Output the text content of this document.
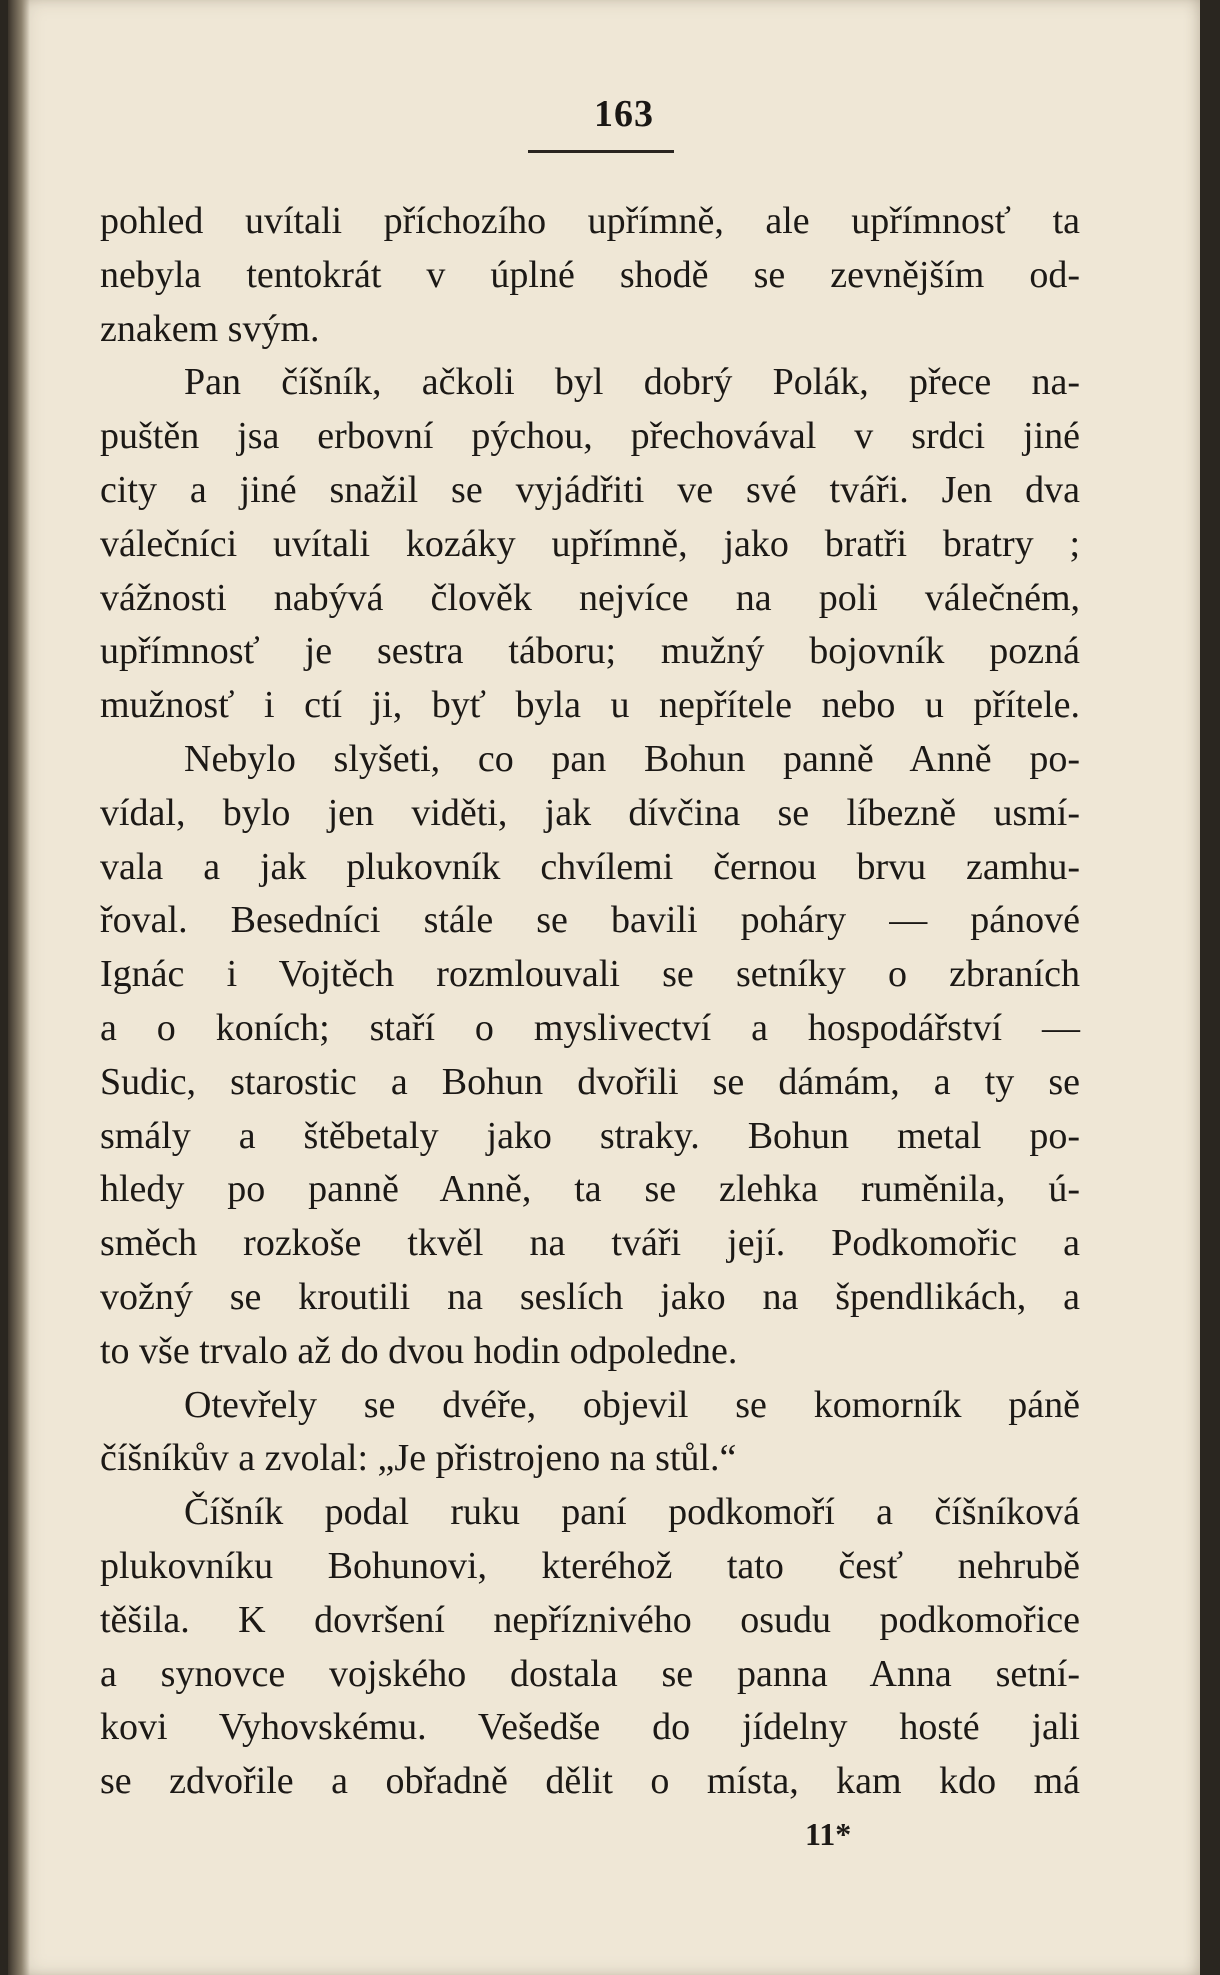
163
pohled uvítali příchozího upřímně, ale upřímnosť ta
nebyla tentokrát v úplné shodě se zevnějším od-
znakem svým.
Pan číšník, ačkoli byl dobrý Polák, přece na-
puštěn jsa erbovní pýchou, přechovával v srdci jiné
city a jiné snažil se vyjádřiti ve své tváři. Jen dva
válečníci uvítali kozáky upřímně, jako bratři bratry ;
vážnosti nabývá člověk nejvíce na poli válečném,
upřímnosť je sestra táboru; mužný bojovník pozná
mužnosť i ctí ji, byť byla u nepřítele nebo u přítele.
Nebylo slyšeti, co pan Bohun panně Anně po-
vídal, bylo jen viděti, jak dívčina se líbezně usmí-
vala a jak plukovník chvílemi černou brvu zamhu-
řoval. Besedníci stále se bavili poháry — pánové
Ignác i Vojtěch rozmlouvali se setníky o zbraních
a o koních; staří o myslivectví a hospodářství —
Sudic, starostic a Bohun dvořili se dámám, a ty se
smály a štěbetaly jako straky. Bohun metal po-
hledy po panně Anně, ta se zlehka ruměnila, ú-
směch rozkoše tkvěl na tváři její. Podkomořic a
vožný se kroutili na seslích jako na špendlikách, a
to vše trvalo až do dvou hodin odpoledne.
Otevřely se dvéře, objevil se komorník páně
číšníkův a zvolal: „Je přistrojeno na stůl.“
Číšník podal ruku paní podkomoří a číšníková
plukovníku Bohunovi, kteréhož tato česť nehrubě
těšila. K dovršení nepříznivého osudu podkomořice
a synovce vojského dostala se panna Anna setní-
kovi Vyhovskému. Vešedše do jídelny hosté jali
se zdvořile a obřadně dělit o místa, kam kdo má
11*
